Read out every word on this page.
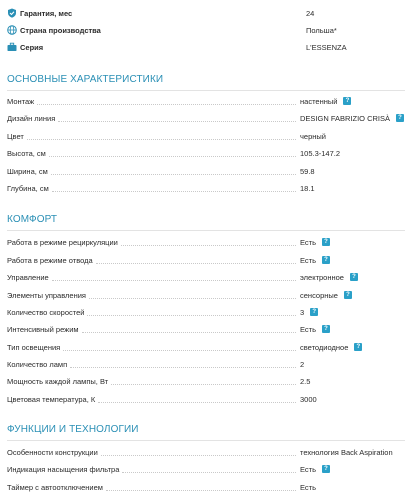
Гарантия, мес	24
Страна производства	Польша*
Серия	L'ESSENZA
ОСНОВНЫЕ ХАРАКТЕРИСТИКИ
Монтаж	настенный	?
Дизайн линия	DESIGN FABRIZIO CRISÀ	?
Цвет	черный
Высота, см	105.3-147.2
Ширина, см	59.8
Глубина, см	18.1
КОМФОРТ
Работа в режиме рециркуляции	Есть	?
Работа в режиме отвода	Есть	?
Управление	электронное	?
Элементы управления	сенсорные	?
Количество скоростей	3	?
Интенсивный режим	Есть	?
Тип освещения	светодиодное	?
Количество ламп	2
Мощность каждой лампы, Вт	2.5
Цветовая температура, К	3000
ФУНКЦИИ И ТЕХНОЛОГИИ
Особенности конструкции	технология Back Aspiration
Индикация насыщения фильтра	Есть	?
Таймер с автоотключением	Есть
